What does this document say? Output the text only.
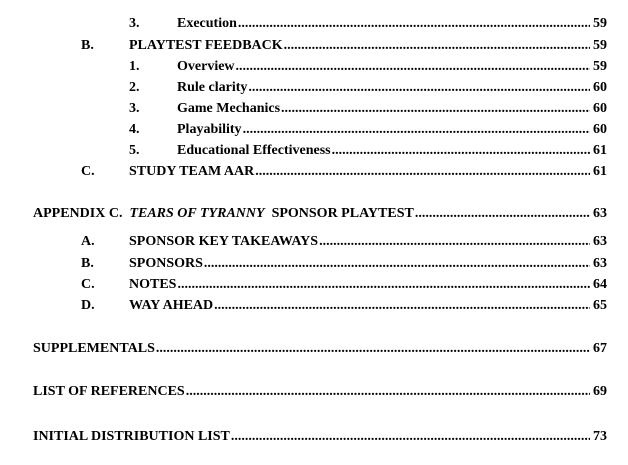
3.	Execution .....	59
B.	PLAYTEST FEEDBACK .....	59
1.	Overview .....	59
2.	Rule clarity .....	60
3.	Game Mechanics .....	60
4.	Playability .....	60
5.	Educational Effectiveness .....	61
C.	STUDY TEAM AAR .....	61
APPENDIX C. TEARS OF TYRANNY SPONSOR PLAYTEST .....	63
A.	SPONSOR KEY TAKEAWAYS .....	63
B.	SPONSORS .....	63
C.	NOTES .....	64
D.	WAY AHEAD .....	65
SUPPLEMENTALS .....	67
LIST OF REFERENCES .....	69
INITIAL DISTRIBUTION LIST .....	73
